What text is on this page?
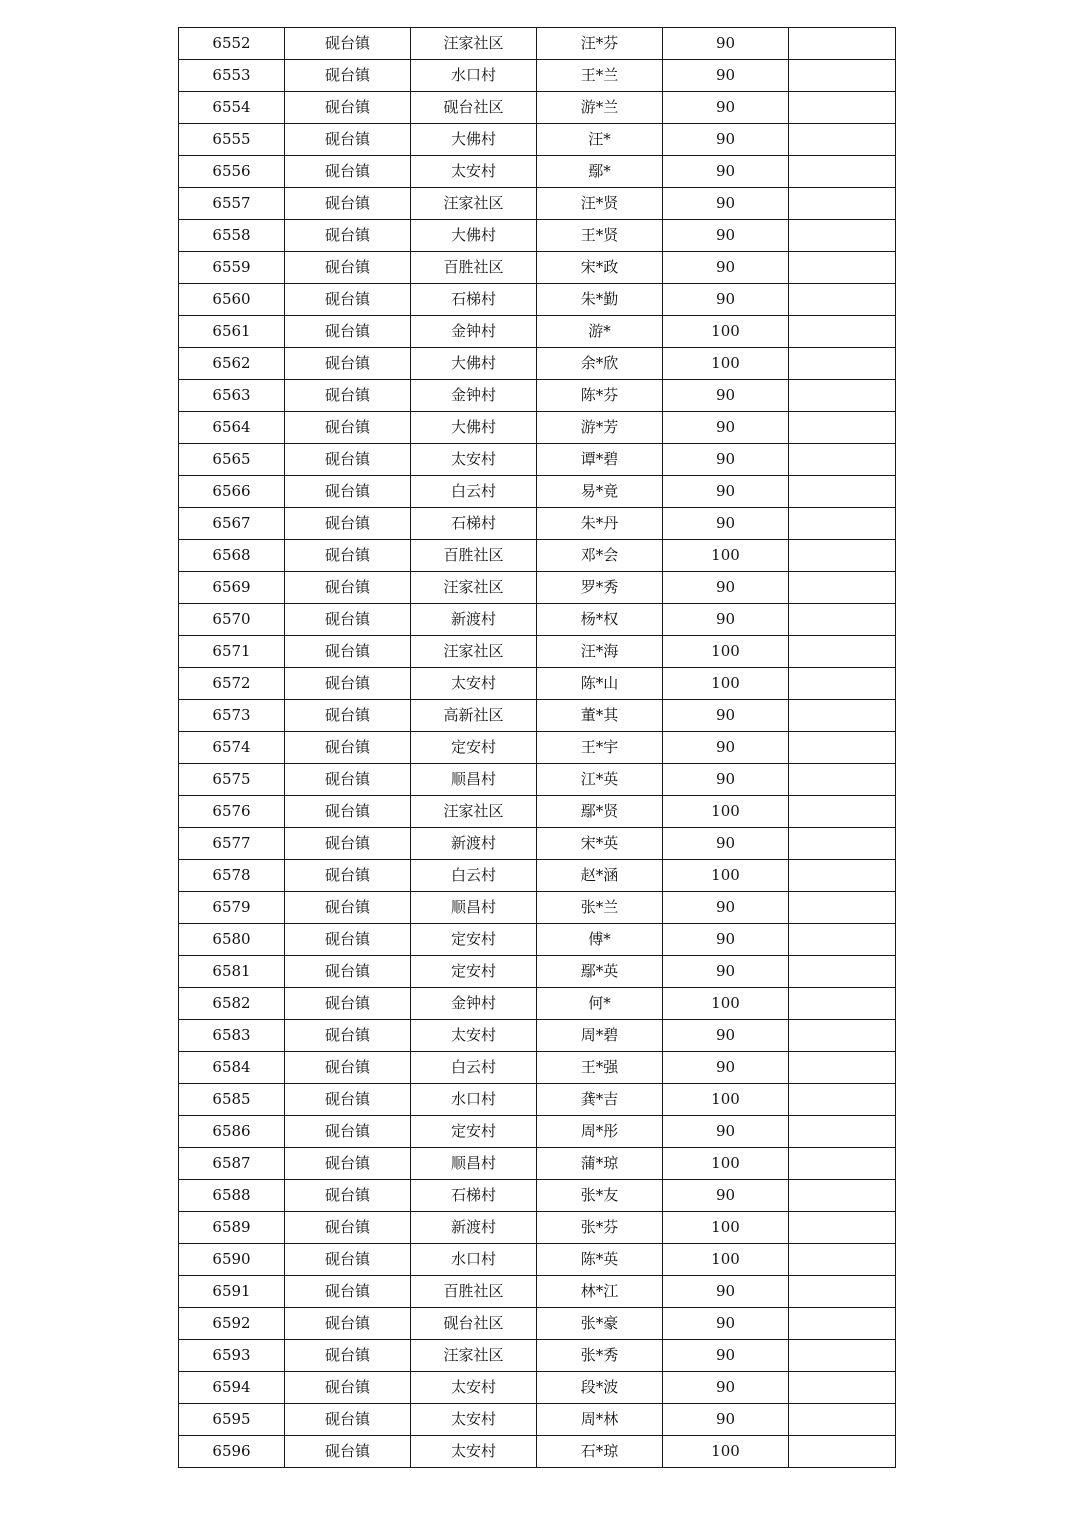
6552	砚台镇	汪家社区	汪*芬	90	
6553	砚台镇	水口村	王*兰	90	
6554	砚台镇	砚台社区	游*兰	90	
6555	砚台镇	大佛村	汪*	90	
6556	砚台镇	太安村	鄢*	90	
6557	砚台镇	汪家社区	汪*贤	90	
6558	砚台镇	大佛村	王*贤	90	
6559	砚台镇	百胜社区	宋*政	90	
6560	砚台镇	石梯村	朱*勤	90	
6561	砚台镇	金钟村	游*	100	
6562	砚台镇	大佛村	余*欣	100	
6563	砚台镇	金钟村	陈*芬	90	
6564	砚台镇	大佛村	游*芳	90	
6565	砚台镇	太安村	谭*碧	90	
6566	砚台镇	白云村	易*竟	90	
6567	砚台镇	石梯村	朱*丹	90	
6568	砚台镇	百胜社区	邓*会	100	
6569	砚台镇	汪家社区	罗*秀	90	
6570	砚台镇	新渡村	杨*权	90	
6571	砚台镇	汪家社区	汪*海	100	
6572	砚台镇	太安村	陈*山	100	
6573	砚台镇	高新社区	董*其	90	
6574	砚台镇	定安村	王*宇	90	
6575	砚台镇	顺昌村	江*英	90	
6576	砚台镇	汪家社区	鄢*贤	100	
6577	砚台镇	新渡村	宋*英	90	
6578	砚台镇	白云村	赵*涵	100	
6579	砚台镇	顺昌村	张*兰	90	
6580	砚台镇	定安村	傅*	90	
6581	砚台镇	定安村	鄢*英	90	
6582	砚台镇	金钟村	何*	100	
6583	砚台镇	太安村	周*碧	90	
6584	砚台镇	白云村	王*强	90	
6585	砚台镇	水口村	龚*吉	100	
6586	砚台镇	定安村	周*彤	90	
6587	砚台镇	顺昌村	蒲*琼	100	
6588	砚台镇	石梯村	张*友	90	
6589	砚台镇	新渡村	张*芬	100	
6590	砚台镇	水口村	陈*英	100	
6591	砚台镇	百胜社区	林*江	90	
6592	砚台镇	砚台社区	张*豪	90	
6593	砚台镇	汪家社区	张*秀	90	
6594	砚台镇	太安村	段*波	90	
6595	砚台镇	太安村	周*林	90	
6596	砚台镇	太安村	石*琼	100	
